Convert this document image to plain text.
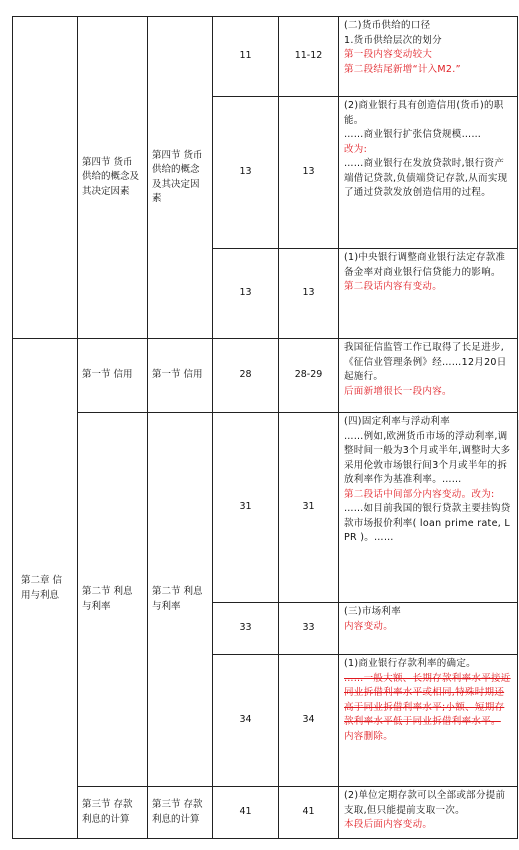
	第四节 货币供给的概念及其决定因素	第四节 货币供给的概念及其决定因素	11	11-12	(二)货币供给的口径
1.货币供给层次的划分
第一段内容变动较大
第二段结尾新增“计入M2.”

			13	13	(2)商业银行具有创造信用(货币)的职能。
……商业银行扩张信贷规模……
改为:
……商业银行在发放贷款时,银行资产端借记贷款,负债端贷记存款,从而实现了通过贷款发放创造信用的过程。

			13	13	(1)中央银行调整商业银行法定存款准备金率对商业银行信贷能力的影响。
第二段话内容有变动。

第二章 信用与利息	第一节 信用	第一节 信用	28	28-29	我国征信监管工作已取得了长足进步,《征信业管理条例》经……12月20日起施行。
后面新增很长一段内容。

	第二节 利息与利率	第二节 利息与利率	31	31	(四)固定利率与浮动利率
……例如,欧洲货币市场的浮动利率,调整时间一般为3个月或半年,调整时大多采用伦敦市场银行间3个月或半年的拆放利率作为基准利率。……
第二段话中间部分内容变动。改为:
……如目前我国的银行贷款主要挂钩贷款市场报价利率( loan prime rate, LPR )。……

			33	33	(三)市场利率
内容变动。

			34	34	(1)商业银行存款利率的确定。
……一般大额、长期存款利率水平接近同业拆借利率水平或相同,特殊时期还高于同业拆借利率水平;小额、短期存款利率水平低于同业拆借利率水平。
内容删除。

	第三节 存款利息的计算	第三节 存款利息的计算	41	41	(2)单位定期存款可以全部或部分提前支取,但只能提前支取一次。
本段后面内容变动。
